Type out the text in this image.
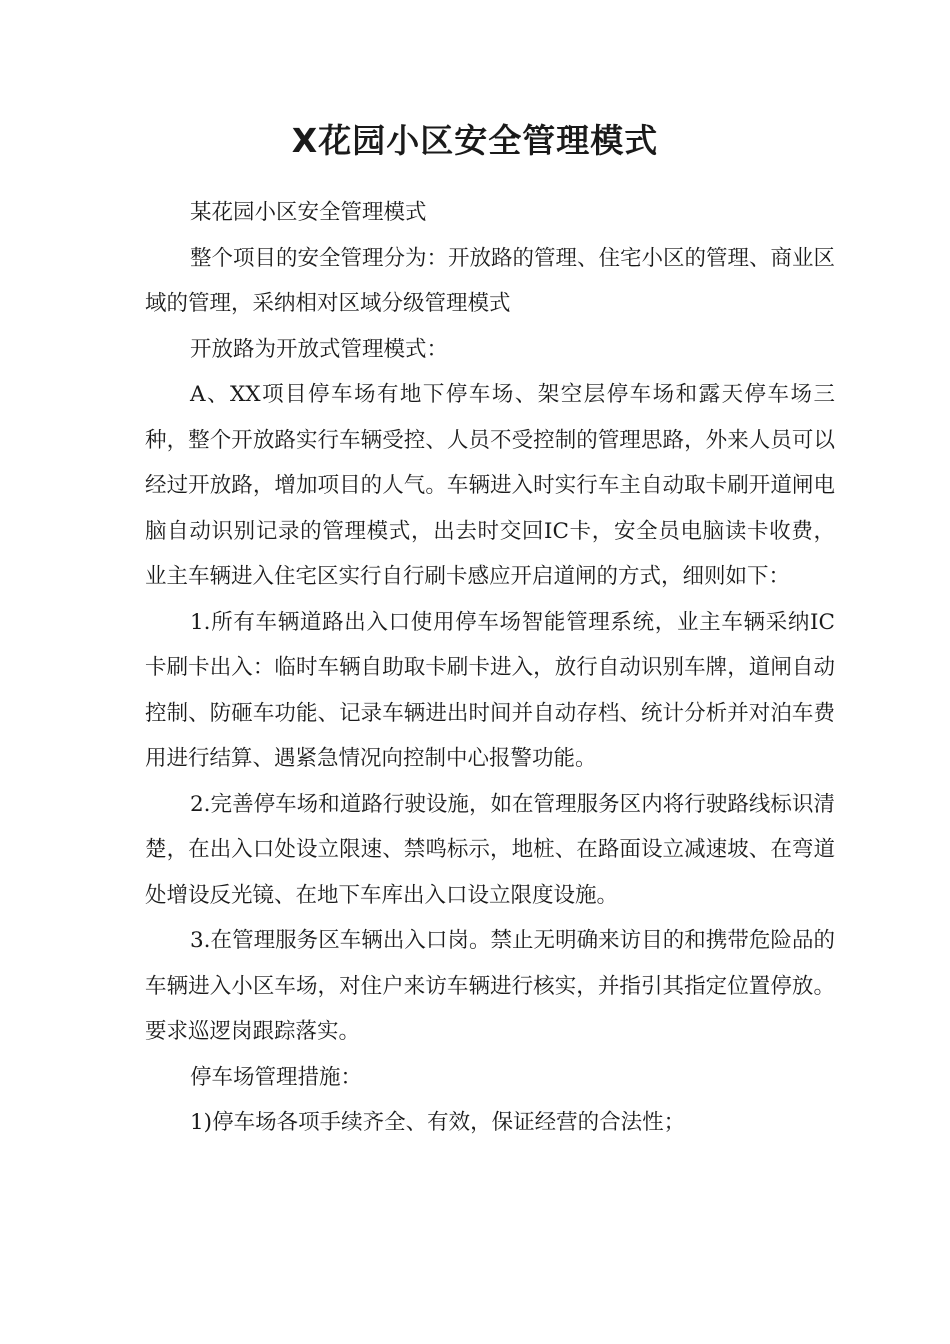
X花园小区安全管理模式

某花园小区安全管理模式

整个项目的安全管理分为：开放路的管理、住宅小区的管理、商业区域的管理，采纳相对区域分级管理模式

开放路为开放式管理模式：

A、XX项目停车场有地下停车场、架空层停车场和露天停车场三种，整个开放路实行车辆受控、人员不受控制的管理思路，外来人员可以经过开放路，增加项目的人气。车辆进入时实行车主自动取卡刷开道闸电脑自动识别记录的管理模式，出去时交回IC卡，安全员电脑读卡收费，业主车辆进入住宅区实行自行刷卡感应开启道闸的方式，细则如下：

1.所有车辆道路出入口使用停车场智能管理系统，业主车辆采纳IC卡刷卡出入：临时车辆自助取卡刷卡进入，放行自动识别车牌，道闸自动控制、防砸车功能、记录车辆进出时间并自动存档、统计分析并对泊车费用进行结算、遇紧急情况向控制中心报警功能。

2.完善停车场和道路行驶设施，如在管理服务区内将行驶路线标识清楚，在出入口处设立限速、禁鸣标示，地桩、在路面设立减速坡、在弯道处增设反光镜、在地下车库出入口设立限度设施。

3.在管理服务区车辆出入口岗。禁止无明确来访目的和携带危险品的车辆进入小区车场，对住户来访车辆进行核实，并指引其指定位置停放。要求巡逻岗跟踪落实。

停车场管理措施：

1)停车场各项手续齐全、有效，保证经营的合法性；
